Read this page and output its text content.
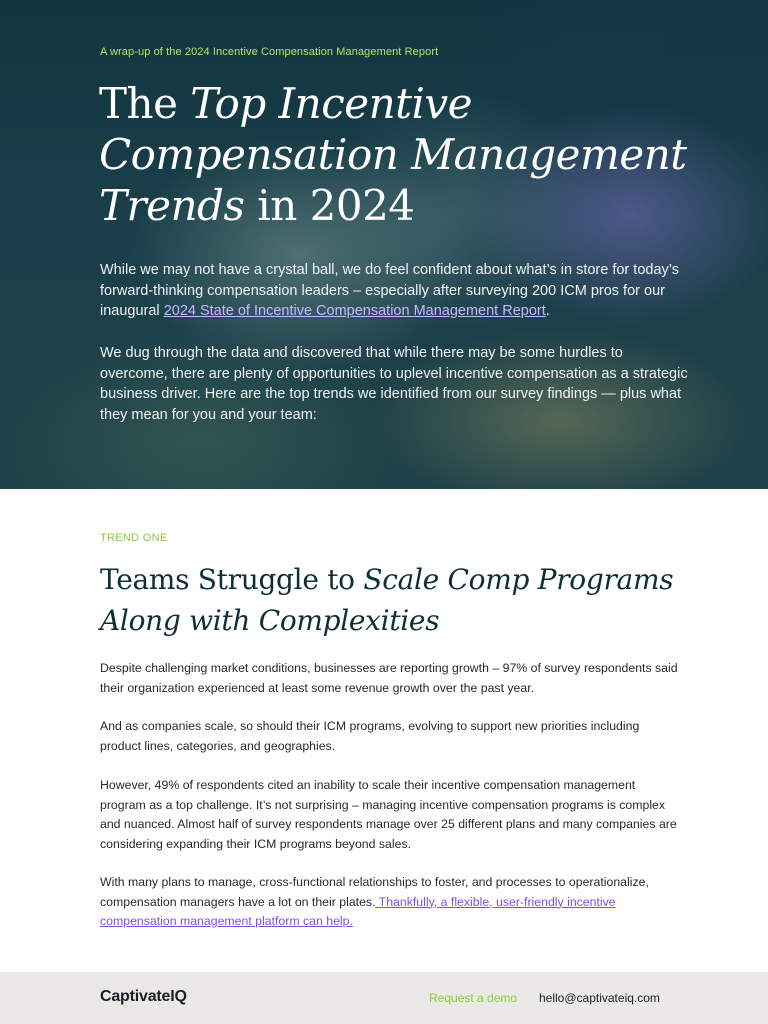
A wrap-up of the 2024 Incentive Compensation Management Report
The Top Incentive Compensation Management Trends in 2024

While we may not have a crystal ball, we do feel confident about what’s in store for today’s forward-thinking compensation leaders – especially after surveying 200 ICM pros for our inaugural 2024 State of Incentive Compensation Management Report.

We dug through the data and discovered that while there may be some hurdles to overcome, there are plenty of opportunities to uplevel incentive compensation as a strategic business driver. Here are the top trends we identified from our survey findings — plus what they mean for you and your team:

TREND ONE
Teams Struggle to Scale Comp Programs Along with Complexities

Despite challenging market conditions, businesses are reporting growth – 97% of survey respondents said their organization experienced at least some revenue growth over the past year.

And as companies scale, so should their ICM programs, evolving to support new priorities including product lines, categories, and geographies.

However, 49% of respondents cited an inability to scale their incentive compensation management program as a top challenge. It’s not surprising – managing incentive compensation programs is complex and nuanced. Almost half of survey respondents manage over 25 different plans and many companies are considering expanding their ICM programs beyond sales.

With many plans to manage, cross-functional relationships to foster, and processes to operationalize, compensation managers have a lot on their plates. Thankfully, a flexible, user-friendly incentive compensation management platform can help.

CaptivateIQ	Request a demo hello@captivateiq.com
